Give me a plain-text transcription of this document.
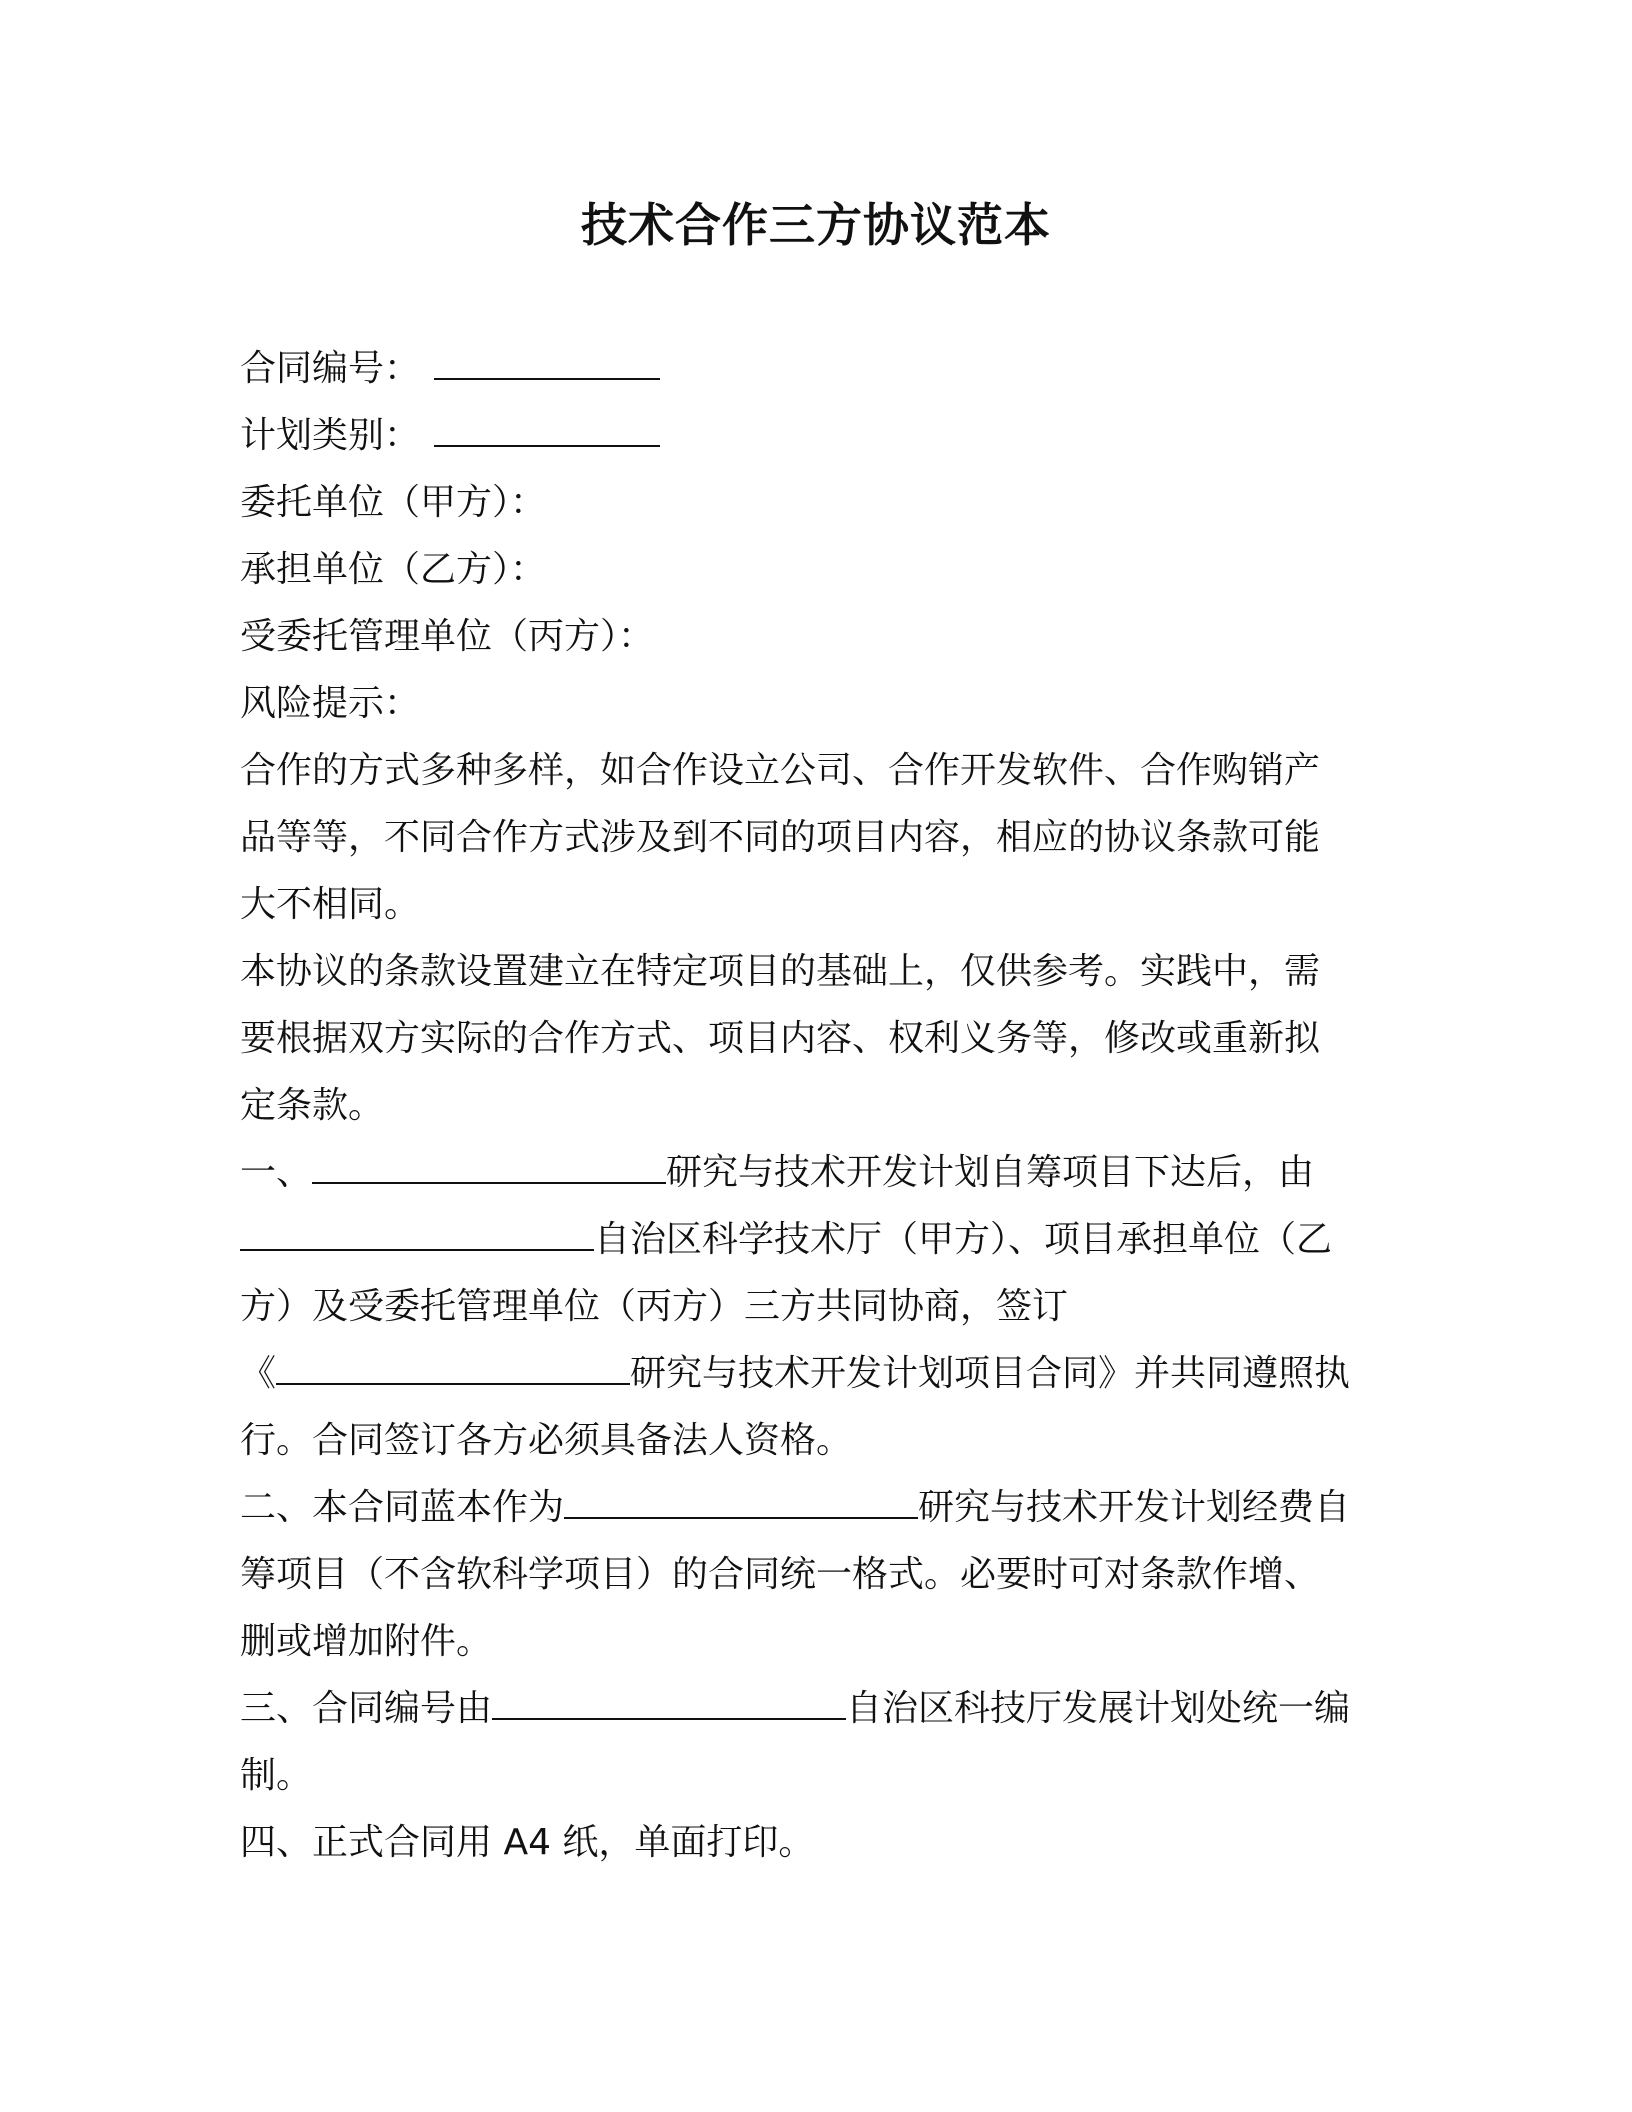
技术合作三方协议范本
合同编号：
计划类别：
委托单位（甲方）：
承担单位（乙方）：
受委托管理单位（丙方）：
风险提示：
合作的方式多种多样，如合作设立公司、合作开发软件、合作购销产
品等等，不同合作方式涉及到不同的项目内容，相应的协议条款可能
大不相同。
本协议的条款设置建立在特定项目的基础上，仅供参考。实践中，需
要根据双方实际的合作方式、项目内容、权利义务等，修改或重新拟
定条款。
一、	研究与技术开发计划自筹项目下达后，由
自治区科学技术厅（甲方）、项目承担单位（乙
方）及受委托管理单位（丙方）三方共同协商，签订
《	研究与技术开发计划项目合同》并共同遵照执
行。合同签订各方必须具备法人资格。
二、本合同蓝本作为	研究与技术开发计划经费自
筹项目（不含软科学项目）的合同统一格式。必要时可对条款作增、
删或增加附件。
三、合同编号由	自治区科技厅发展计划处统一编
制。
四、正式合同用 A4 纸，单面打印。
